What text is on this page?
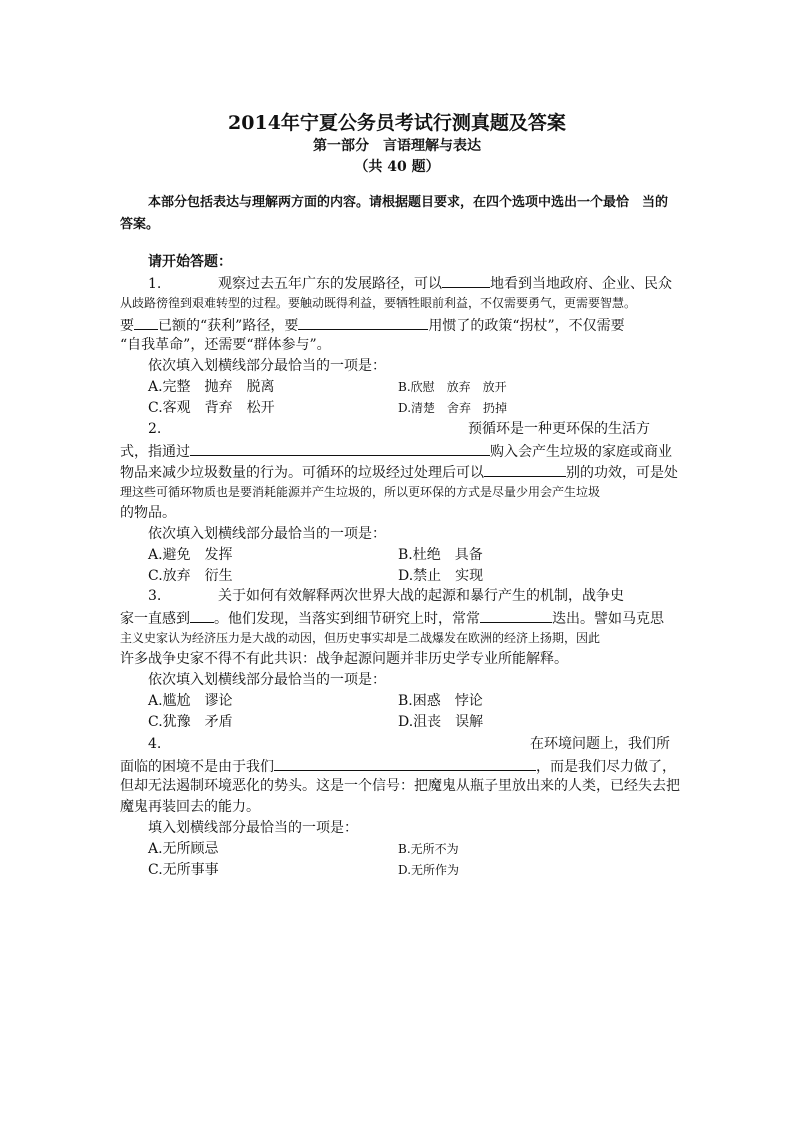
2014年宁夏公务员考试行测真题及答案
第一部分　言语理解与表达
（共 40 题）
本部分包括表达与理解两方面的内容。请根据题目要求，在四个选项中选出一个最恰　当的答案。
请开始答题：
1.	观察过去五年广东的发展路径，可以	地看到当地政府、企业、民众
从歧路徬徨到艰难转型的过程。要触动既得利益，要牺牲眼前利益，不仅需要勇气，更需要智慧。
要 已额的“获利”路径，要	用惯了的政策“拐杖”，不仅需要
“自我革命”，还需要“群体参与”。
依次填入划横线部分最恰当的一项是：
A.完整　抛弃　脱离	B.欣慰　放弃　放开
C.客观　背弃　松开	D.清楚　舍弃　扔掉
2.	预循环是一种更环保的生活方
式，指通过	购入会产生垃圾的家庭或商业
物品来减少垃圾数量的行为。可循环的垃圾经过处理后可以	别的功效，可是处
理这些可循环物质也是要消耗能源并产生垃圾的，所以更环保的方式是尽量少用会产生垃圾
的物品。
依次填入划横线部分最恰当的一项是：
A.避免　发挥	B.杜绝　具备
C.放弃　衍生	D.禁止　实现
3.	关于如何有效解释两次世界大战的起源和暴行产生的机制，战争史
家一直感到 。他们发现，当落实到细节研究上时，常常	迭出。譬如马克思
主义史家认为经济压力是大战的动因，但历史事实却是二战爆发在欧洲的经济上扬期，因此
许多战争史家不得不有此共识：战争起源问题并非历史学专业所能解释。
依次填入划横线部分最恰当的一项是：
A.尴尬　谬论	B.困惑　悖论
C.犹豫　矛盾	D.沮丧　误解
4.	在环境问题上，我们所
面临的困境不是由于我们	，而是我们尽力做了，
但却无法遏制环境恶化的势头。这是一个信号：把魔鬼从瓶子里放出来的人类，已经失去把
魔鬼再装回去的能力。
填入划横线部分最恰当的一项是：
A.无所顾忌	B.无所不为
C.无所事事	D.无所作为
